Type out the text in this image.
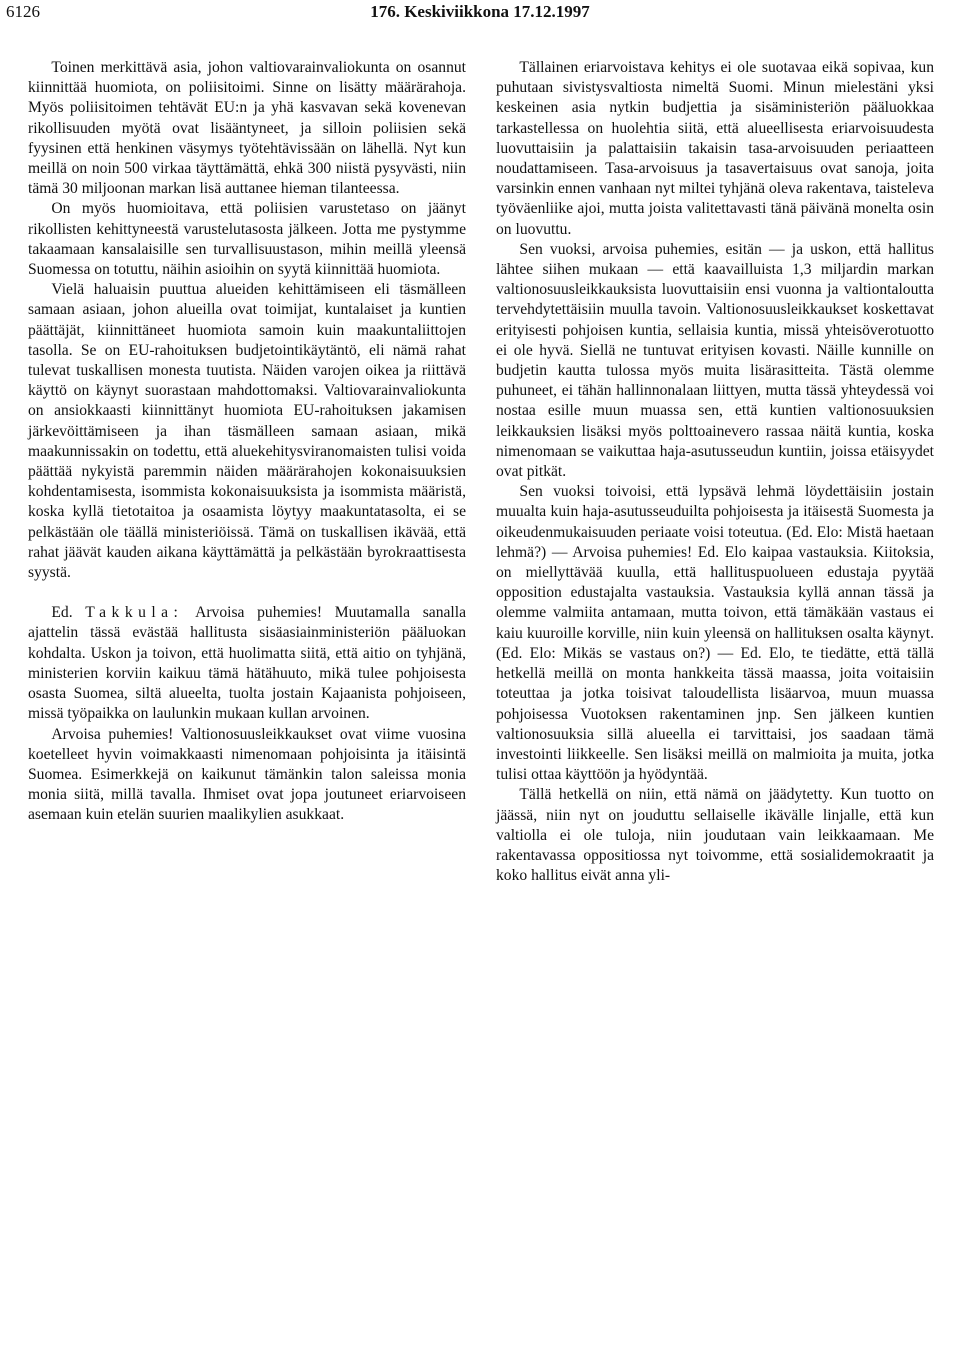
6126	176. Keskiviikkona 17.12.1997

Toinen merkittävä asia, johon valtiovarainvaliokunta on osannut kiinnittää huomiota, on poliisitoimi. Sinne on lisätty määrärahoja. Myös poliisitoimen tehtävät EU:n ja yhä kasvavan sekä kovenevan rikollisuuden myötä ovat lisääntyneet, ja silloin poliisien sekä fyysinen että henkinen väsymys työtehtävissään on lähellä. Nyt kun meillä on noin 500 virkaa täyttämättä, ehkä 300 niistä pysyvästi, niin tämä 30 miljoonan markan lisä auttanee hieman tilanteessa.

On myös huomioitava, että poliisien varustetaso on jäänyt rikollisten kehittyneestä varustelutasosta jälkeen. Jotta me pystymme takaamaan kansalaisille sen turvallisuustason, mihin meillä yleensä Suomessa on totuttu, näihin asioihin on syytä kiinnittää huomiota.

Vielä haluaisin puuttua alueiden kehittämiseen eli täsmälleen samaan asiaan, johon alueilla ovat toimijat, kuntalaiset ja kuntien päättäjät, kiinnittäneet huomiota samoin kuin maakuntaliittojen tasolla. Se on EU-rahoituksen budjetointikäytäntö, eli nämä rahat tulevat tuskallisen monesta tuutista. Näiden varojen oikea ja riittävä käyttö on käynyt suorastaan mahdottomaksi. Valtiovarainvaliokunta on ansiokkaasti kiinnittänyt huomiota EU-rahoituksen jakamisen järkevöittämiseen ja ihan täsmälleen samaan asiaan, mikä maakunnissakin on todettu, että aluekehitysviranomaisten tulisi voida päättää nykyistä paremmin näiden määrärahojen kokonaisuuksien kohdentamisesta, isommista kokonaisuuksista ja isommista määristä, koska kyllä tietotaitoa ja osaamista löytyy maakuntatasolta, ei se pelkästään ole täällä ministeriöissä. Tämä on tuskallisen ikävää, että rahat jäävät kauden aikana käyttämättä ja pelkästään byrokraattisesta syystä.

Ed. Takkula: Arvoisa puhemies! Muutamalla sanalla ajattelin tässä evästää hallitusta sisäasiainministeriön pääluokan kohdalta. Uskon ja toivon, että huolimatta siitä, että aitio on tyhjänä, ministerien korviin kaikuu tämä hätähuuto, mikä tulee pohjoisesta osasta Suomea, siltä alueelta, tuolta jostain Kajaanista pohjoiseen, missä työpaikka on laulunkin mukaan kullan arvoinen.

Arvoisa puhemies! Valtionosuusleikkaukset ovat viime vuosina koetelleet hyvin voimakkaasti nimenomaan pohjoisinta ja itäisintä Suomea. Esimerkkejä on kaikunut tämänkin talon saleissa monia monia siitä, millä tavalla. Ihmiset ovat jopa joutuneet eriarvoiseen asemaan kuin etelän suurien maalikylien asukkaat.

Tällainen eriarvoistava kehitys ei ole suotavaa eikä sopivaa, kun puhutaan sivistysvaltiosta nimeltä Suomi. Minun mielestäni yksi keskeinen asia nytkin budjettia ja sisäministeriön pääluokkaa tarkastellessa on huolehtia siitä, että alueellisesta eriarvoisuudesta luovuttaisiin ja palattaisiin takaisin tasa-arvoisuuden periaatteen noudattamiseen. Tasa-arvoisuus ja tasavertaisuus ovat sanoja, joita varsinkin ennen vanhaan nyt miltei tyhjänä oleva rakentava, taisteleva työväenliike ajoi, mutta joista valitettavasti tänä päivänä monelta osin on luovuttu.

Sen vuoksi, arvoisa puhemies, esitän — ja uskon, että hallitus lähtee siihen mukaan — että kaavailluista 1,3 miljardin markan valtionosuusleikkauksista luovuttaisiin ensi vuonna ja valtiontaloutta tervehdytettäisiin muulla tavoin. Valtionosuusleikkaukset koskettavat erityisesti pohjoisen kuntia, sellaisia kuntia, missä yhteisöverotuotto ei ole hyvä. Siellä ne tuntuvat erityisen kovasti. Näille kunnille on budjetin kautta tulossa myös muita lisärasitteita. Tästä olemme puhuneet, ei tähän hallinnonalaan liittyen, mutta tässä yhteydessä voi nostaa esille muun muassa sen, että kuntien valtionosuuksien leikkauksien lisäksi myös polttoainevero rassaa näitä kuntia, koska nimenomaan se vaikuttaa haja-asutusseudun kuntiin, joissa etäisyydet ovat pitkät.

Sen vuoksi toivoisi, että lypsävä lehmä löydettäisiin jostain muualta kuin haja-asutusseuduilta pohjoisesta ja itäisestä Suomesta ja oikeudenmukaisuuden periaate voisi toteutua. (Ed. Elo: Mistä haetaan lehmä?) — Arvoisa puhemies! Ed. Elo kaipaa vastauksia. Kiitoksia, on miellyttävää kuulla, että hallituspuolueen edustaja pyytää opposition edustajalta vastauksia. Vastauksia kyllä annan tässä ja olemme valmiita antamaan, mutta toivon, että tämäkään vastaus ei kaiu kuuroille korville, niin kuin yleensä on hallituksen osalta käynyt. (Ed. Elo: Mikäs se vastaus on?) — Ed. Elo, te tiedätte, että tällä hetkellä meillä on monta hankkeita tässä maassa, joita voitaisiin toteuttaa ja jotka toisivat taloudellista lisäarvoa, muun muassa pohjoisessa Vuotoksen rakentaminen jnp. Sen jälkeen kuntien valtionosuuksia sillä alueella ei tarvittaisi, jos saadaan tämä investointi liikkeelle. Sen lisäksi meillä on malmioita ja muita, jotka tulisi ottaa käyttöön ja hyödyntää.

Tällä hetkellä on niin, että nämä on jäädytetty. Kun tuotto on jäässä, niin nyt on jouduttu sellaiselle ikävälle linjalle, että kun valtiolla ei ole tuloja, niin joudutaan vain leikkaamaan. Me rakentavassa oppositiossa nyt toivomme, että sosialidemokraatit ja koko hallitus eivät anna yli-
